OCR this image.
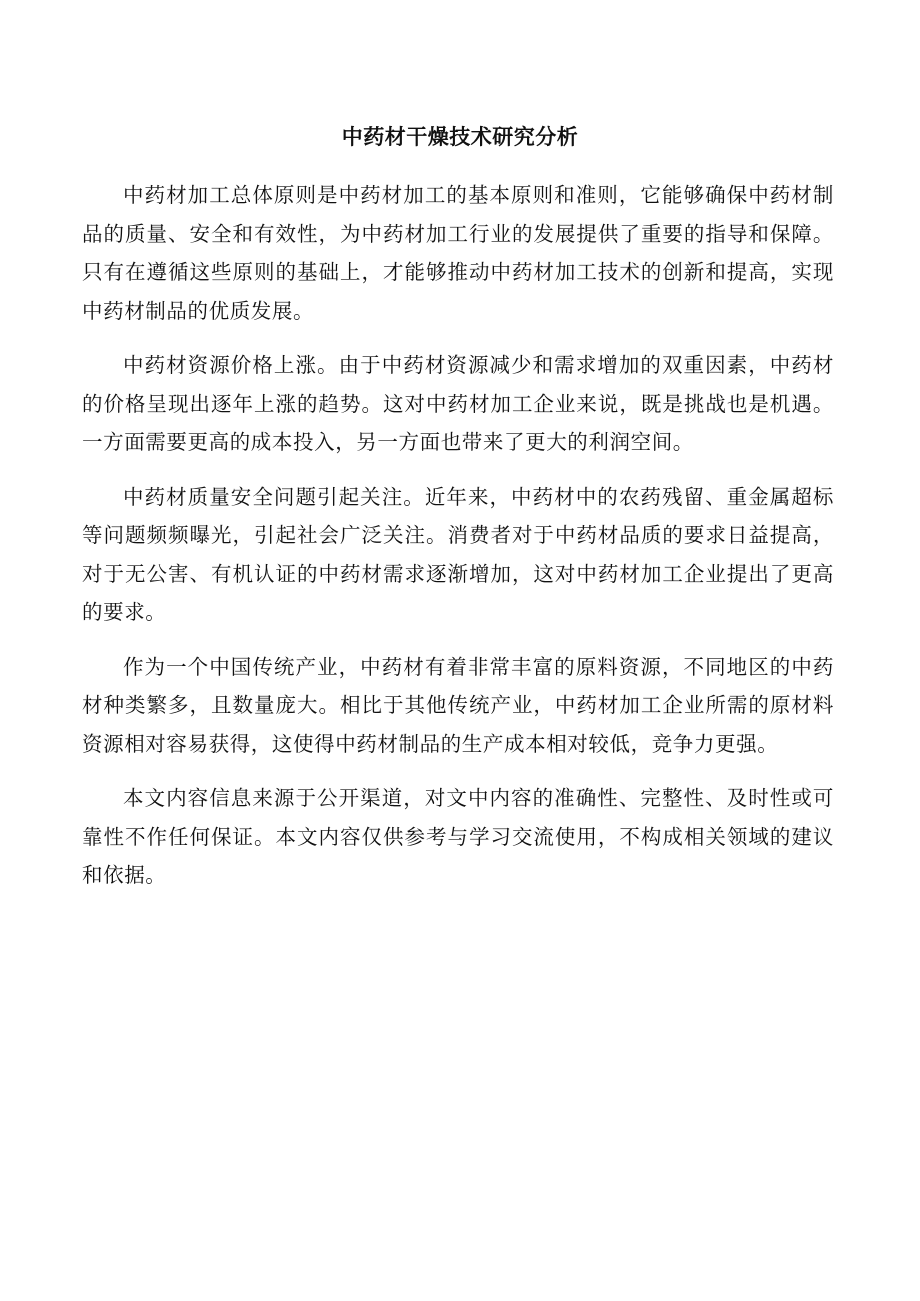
中药材干燥技术研究分析

中药材加工总体原则是中药材加工的基本原则和准则，它能够确保中药材制品的质量、安全和有效性，为中药材加工行业的发展提供了重要的指导和保障。只有在遵循这些原则的基础上，才能够推动中药材加工技术的创新和提高，实现中药材制品的优质发展。

中药材资源价格上涨。由于中药材资源减少和需求增加的双重因素，中药材的价格呈现出逐年上涨的趋势。这对中药材加工企业来说，既是挑战也是机遇。一方面需要更高的成本投入，另一方面也带来了更大的利润空间。

中药材质量安全问题引起关注。近年来，中药材中的农药残留、重金属超标等问题频频曝光，引起社会广泛关注。消费者对于中药材品质的要求日益提高，对于无公害、有机认证的中药材需求逐渐增加，这对中药材加工企业提出了更高的要求。

作为一个中国传统产业，中药材有着非常丰富的原料资源，不同地区的中药材种类繁多，且数量庞大。相比于其他传统产业，中药材加工企业所需的原材料资源相对容易获得，这使得中药材制品的生产成本相对较低，竞争力更强。

本文内容信息来源于公开渠道，对文中内容的准确性、完整性、及时性或可靠性不作任何保证。本文内容仅供参考与学习交流使用，不构成相关领域的建议和依据。
